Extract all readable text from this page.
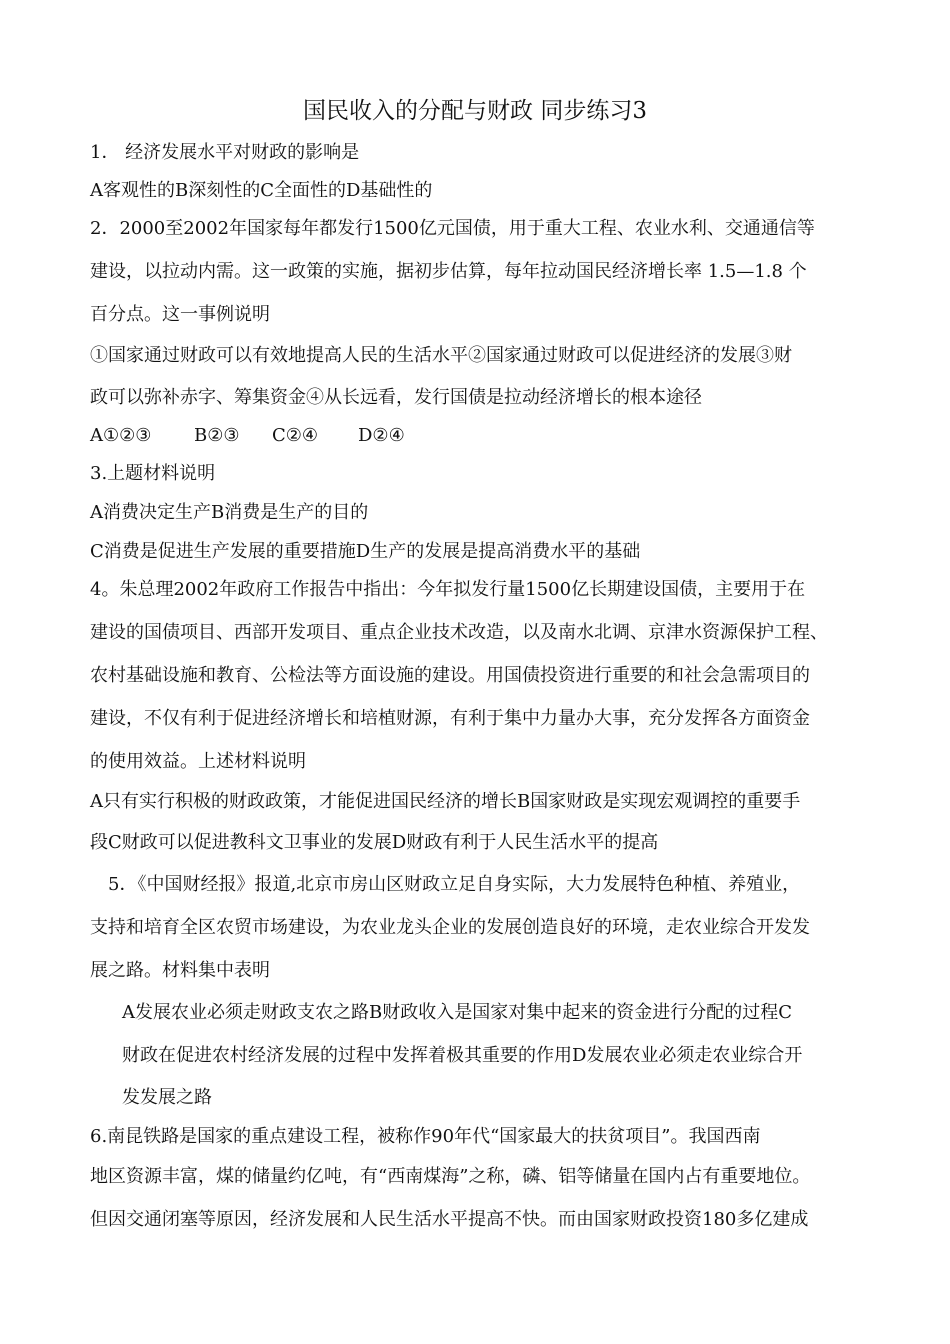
国民收入的分配与财政 同步练习3
1． 经济发展水平对财政的影响是
A客观性的B深刻性的C全面性的D基础性的
2．2000至2002年国家每年都发行1500亿元国债，用于重大工程、农业水利、交通通信等
建设，以拉动内需。这一政策的实施，据初步估算，每年拉动国民经济增长率 1.5—1.8 个
百分点。这一事例说明
①国家通过财政可以有效地提高人民的生活水平②国家通过财政可以促进经济的发展③财
政可以弥补赤字、筹集资金④从长远看，发行国债是拉动经济增长的根本途径
A①②③ B②③ C②④ D②④
3.上题材料说明
A消费决定生产B消费是生产的目的
C消费是促进生产发展的重要措施D生产的发展是提高消费水平的基础
4。朱总理2002年政府工作报告中指出：今年拟发行量1500亿长期建设国债，主要用于在
建设的国债项目、西部开发项目、重点企业技术改造，以及南水北调、京津水资源保护工程、
农村基础设施和教育、公检法等方面设施的建设。用国债投资进行重要的和社会急需项目的
建设，不仅有利于促进经济增长和培植财源，有利于集中力量办大事，充分发挥各方面资金
的使用效益。上述材料说明
A只有实行积极的财政政策，才能促进国民经济的增长B国家财政是实现宏观调控的重要手
段C财政可以促进教科文卫事业的发展D财政有利于人民生活水平的提高
5．《中国财经报》报道,北京市房山区财政立足自身实际，大力发展特色种植、养殖业，
支持和培育全区农贸市场建设，为农业龙头企业的发展创造良好的环境，走农业综合开发发
展之路。材料集中表明
A发展农业必须走财政支农之路B财政收入是国家对集中起来的资金进行分配的过程C
财政在促进农村经济发展的过程中发挥着极其重要的作用D发展农业必须走农业综合开
发发展之路
6.南昆铁路是国家的重点建设工程，被称作90年代“国家最大的扶贫项目”。我国西南
地区资源丰富，煤的储量约亿吨，有“西南煤海”之称，磷、铝等储量在国内占有重要地位。
但因交通闭塞等原因，经济发展和人民生活水平提高不快。而由国家财政投资180多亿建成
